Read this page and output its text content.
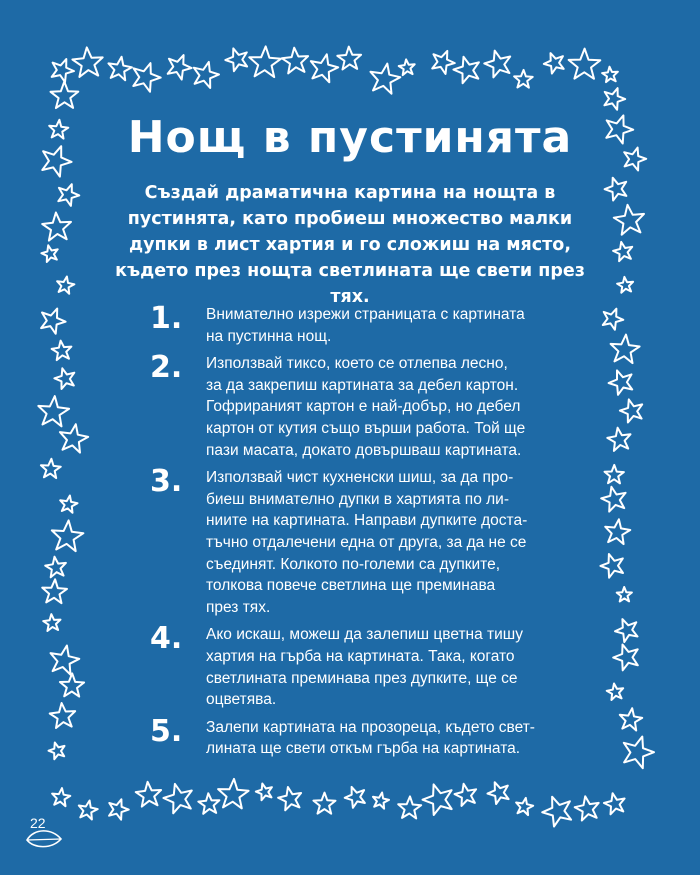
Нощ в пустинята
Създай драматична картина на нощта в пустинята, като пробиеш множество малки дупки в лист хартия и го сложиш на място, където през нощта светлината ще свети през тях.
1.	Внимателно изрежи страницата с картината
на пустинна нощ.
2.	Използвай тиксо, което се отлепва лесно,
за да закрепиш картината за дебел картон.
Гофрираният картон е най-добър, но дебел
картон от кутия също върши работа. Той ще
пази масата, докато довършваш картината.
3.	Използвай чист кухненски шиш, за да про-
биеш внимателно дупки в хартията по ли-
ниите на картината. Направи дупките доста-
тъчно отдалечени една от друга, за да не се
съединят. Колкото по-големи са дупките,
толкова повече светлина ще преминава
през тях.
4.	Ако искаш, можеш да залепиш цветна тишу
хартия на гърба на картината. Така, когато
светлината преминава през дупките, ще се
оцветява.
5.	Залепи картината на прозореца, където свет-
лината ще свети откъм гърба на картината.
22
